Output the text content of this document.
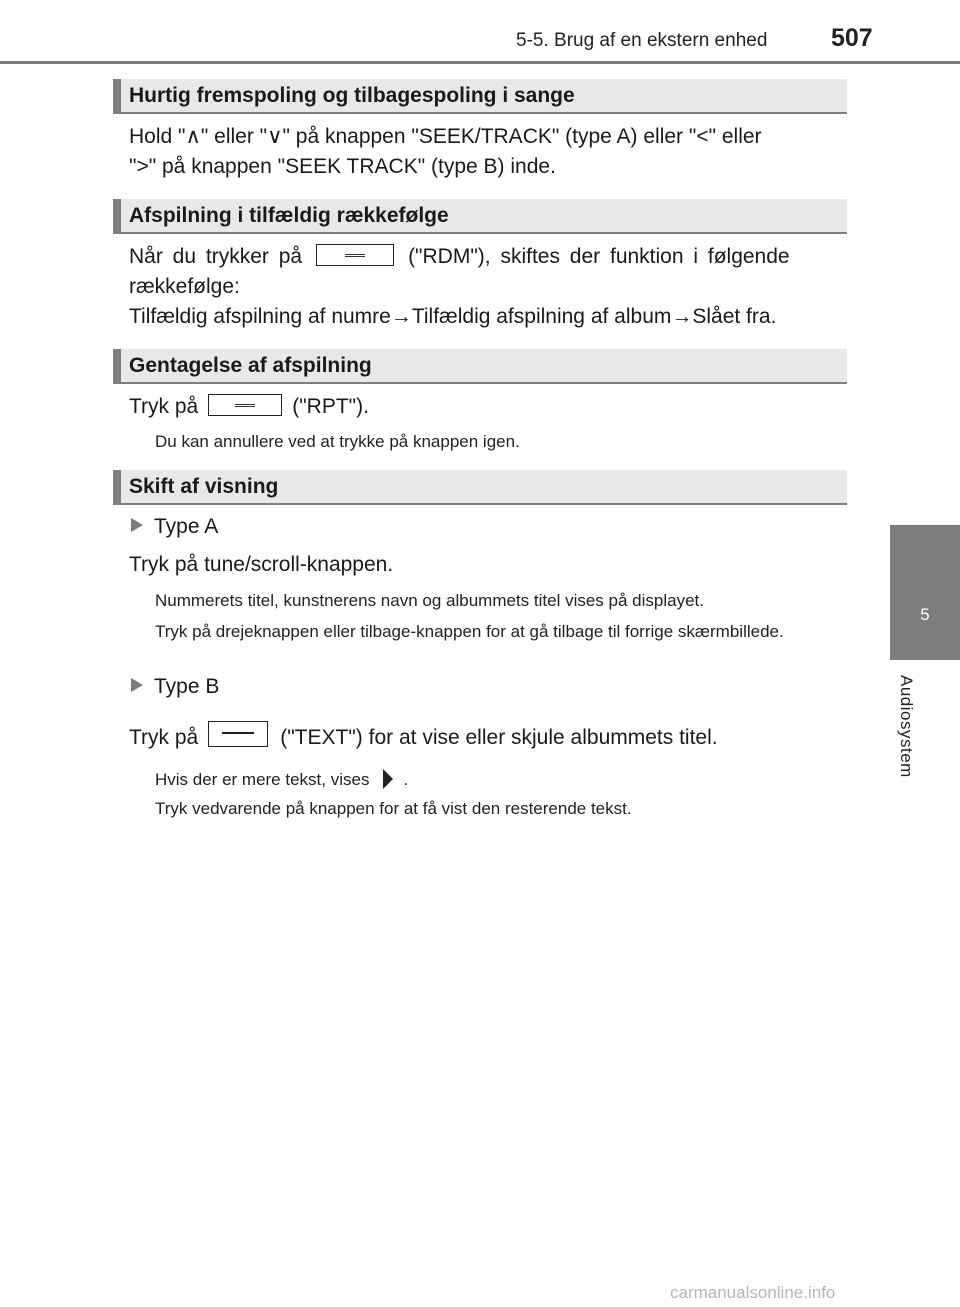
5-5. Brug af en ekstern enhed	507
5
Audiosystem
Hurtig fremspoling og tilbagespoling i sange
Hold "∧" eller "∨" på knappen "SEEK/TRACK" (type A) eller "<" eller
">" på knappen "SEEK TRACK" (type B) inde.
Afspilning i tilfældig rækkefølge
Når du trykker på	("RDM"), skiftes der funktion i følgende
rækkefølge:
Tilfældig afspilning af numre→Tilfældig afspilning af album→Slået fra.
Gentagelse af afspilning
Tryk på	("RPT").
Du kan annullere ved at trykke på knappen igen.
Skift af visning
Type A
Tryk på tune/scroll-knappen.
Nummerets titel, kunstnerens navn og albummets titel vises på displayet.
Tryk på drejeknappen eller tilbage-knappen for at gå tilbage til forrige skærmbillede.
Type B
Tryk på	("TEXT") for at vise eller skjule albummets titel.
Hvis der er mere tekst, vises .
Tryk vedvarende på knappen for at få vist den resterende tekst.
carmanualsonline.info
